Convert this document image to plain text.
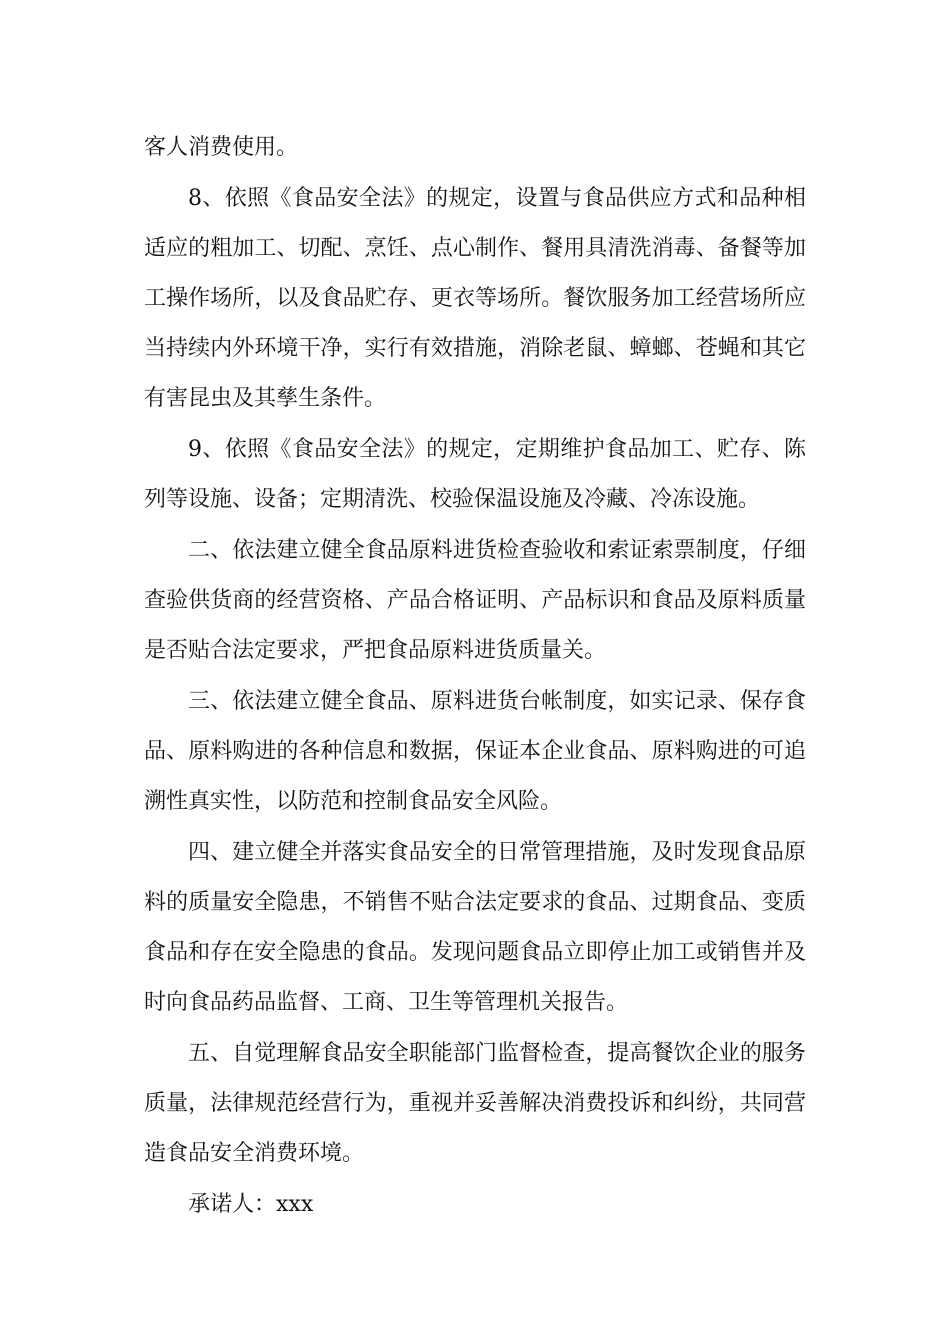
客人消费使用。

8、依照《食品安全法》的规定，设置与食品供应方式和品种相适应的粗加工、切配、烹饪、点心制作、餐用具清洗消毒、备餐等加工操作场所，以及食品贮存、更衣等场所。餐饮服务加工经营场所应当持续内外环境干净，实行有效措施，消除老鼠、蟑螂、苍蝇和其它有害昆虫及其孳生条件。

9、依照《食品安全法》的规定，定期维护食品加工、贮存、陈列等设施、设备；定期清洗、校验保温设施及冷藏、冷冻设施。

二、依法建立健全食品原料进货检查验收和索证索票制度，仔细查验供货商的经营资格、产品合格证明、产品标识和食品及原料质量是否贴合法定要求，严把食品原料进货质量关。

三、依法建立健全食品、原料进货台帐制度，如实记录、保存食品、原料购进的各种信息和数据，保证本企业食品、原料购进的可追溯性真实性，以防范和控制食品安全风险。

四、建立健全并落实食品安全的日常管理措施，及时发现食品原料的质量安全隐患，不销售不贴合法定要求的食品、过期食品、变质食品和存在安全隐患的食品。发现问题食品立即停止加工或销售并及时向食品药品监督、工商、卫生等管理机关报告。

五、自觉理解食品安全职能部门监督检查，提高餐饮企业的服务质量，法律规范经营行为，重视并妥善解决消费投诉和纠纷，共同营造食品安全消费环境。

承诺人：xxx
